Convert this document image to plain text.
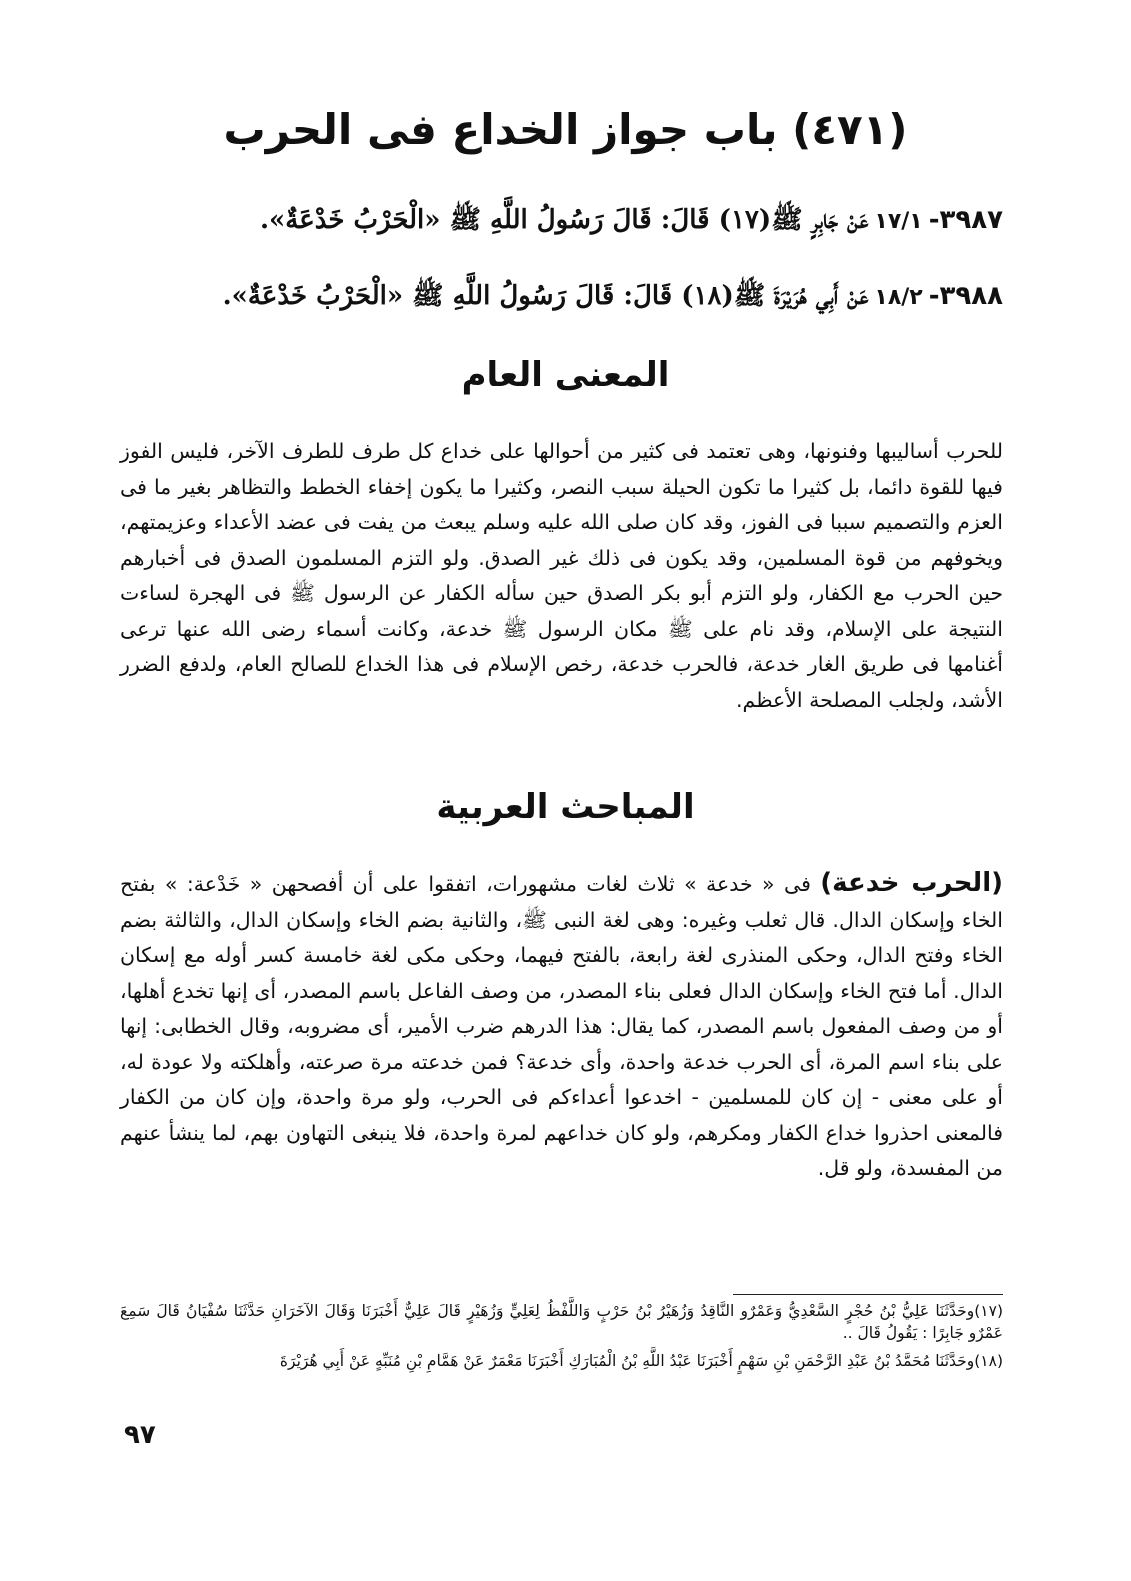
(٤٧١) باب جواز الخداع فى الحرب

٣٩٨٧-١٧/١عَنْ جَابِرٍ ﷺ(١٧) قَالَ: قَالَ رَسُولُ اللَّهِ ﷺ «الْحَرْبُ خَدْعَةٌ».

٣٩٨٨-١٨/٢عَنْ أَبِي هُرَيْرَةَ ﷺ(١٨) قَالَ: قَالَ رَسُولُ اللَّهِ ﷺ «الْحَرْبُ خَدْعَةٌ».

المعنى العام

للحرب أساليبها وفنونها، وهى تعتمد فى كثير من أحوالها على خداع كل طرف للطرف الآخر، فليس الفوز فيها للقوة دائما، بل كثيرا ما تكون الحيلة سبب النصر، وكثيرا ما يكون إخفاء الخطط والتظاهر بغير ما فى العزم والتصميم سببا فى الفوز، وقد كان صلى الله عليه وسلم يبعث من يفت فى عضد الأعداء وعزيمتهم، ويخوفهم من قوة المسلمين، وقد يكون فى ذلك غير الصدق. ولو التزم المسلمون الصدق فى أخبارهم حين الحرب مع الكفار، ولو التزم أبو بكر الصدق حين سأله الكفار عن الرسول ﷺ فى الهجرة لساءت النتيجة على الإسلام، وقد نام على ﷺ مكان الرسول ﷺ خدعة، وكانت أسماء رضى الله عنها ترعى أغنامها فى طريق الغار خدعة، فالحرب خدعة، رخص الإسلام فى هذا الخداع للصالح العام، ولدفع الضرر الأشد، ولجلب المصلحة الأعظم.

المباحث العربية

(الحرب خدعة) فى « خدعة » ثلاث لغات مشهورات، اتفقوا على أن أفصحهن « خَدْعة: » بفتح الخاء وإسكان الدال. قال ثعلب وغيره: وهى لغة النبى ﷺ، والثانية بضم الخاء وإسكان الدال، والثالثة بضم الخاء وفتح الدال، وحكى المنذرى لغة رابعة، بالفتح فيهما، وحكى مكى لغة خامسة كسر أوله مع إسكان الدال. أما فتح الخاء وإسكان الدال فعلى بناء المصدر، من وصف الفاعل باسم المصدر، أى إنها تخدع أهلها، أو من وصف المفعول باسم المصدر، كما يقال: هذا الدرهم ضرب الأمير، أى مضروبه، وقال الخطابى: إنها على بناء اسم المرة، أى الحرب خدعة واحدة، وأى خدعة؟ فمن خدعته مرة صرعته، وأهلكته ولا عودة له، أو على معنى - إن كان للمسلمين - اخدعوا أعداءكم فى الحرب، ولو مرة واحدة، وإن كان من الكفار فالمعنى احذروا خداع الكفار ومكرهم، ولو كان خداعهم لمرة واحدة، فلا ينبغى التهاون بهم، لما ينشأ عنهم من المفسدة، ولو قل.

(١٧)وحَدَّثَنَا عَلِيُّ بْنُ حُجْرٍ السَّعْدِيُّ وَعَمْرٌو النَّاقِدُ وَزُهَيْرُ بْنُ حَرْبٍ وَاللَّفْظُ لِعَلِيٍّ وَزُهَيْرٍ قَالَ عَلِيٌّ أَخْبَرَنَا وَقَالَ الآخَرَانِ حَدَّثَنَا سُفْيَانُ قَالَ سَمِعَ عَمْرٌو جَابِرًا : يَقُولُ قَالَ ..

(١٨)وحَدَّثَنَا مُحَمَّدُ بْنُ عَبْدِ الرَّحْمَنِ بْنِ سَهْمٍ أَخْبَرَنَا عَبْدُ اللَّهِ بْنُ الْمُبَارَكِ أَخْبَرَنَا مَعْمَرٌ عَنْ هَمَّامِ بْنِ مُنَبِّهٍ عَنْ أَبِي هُرَيْرَةَ

٩٧
